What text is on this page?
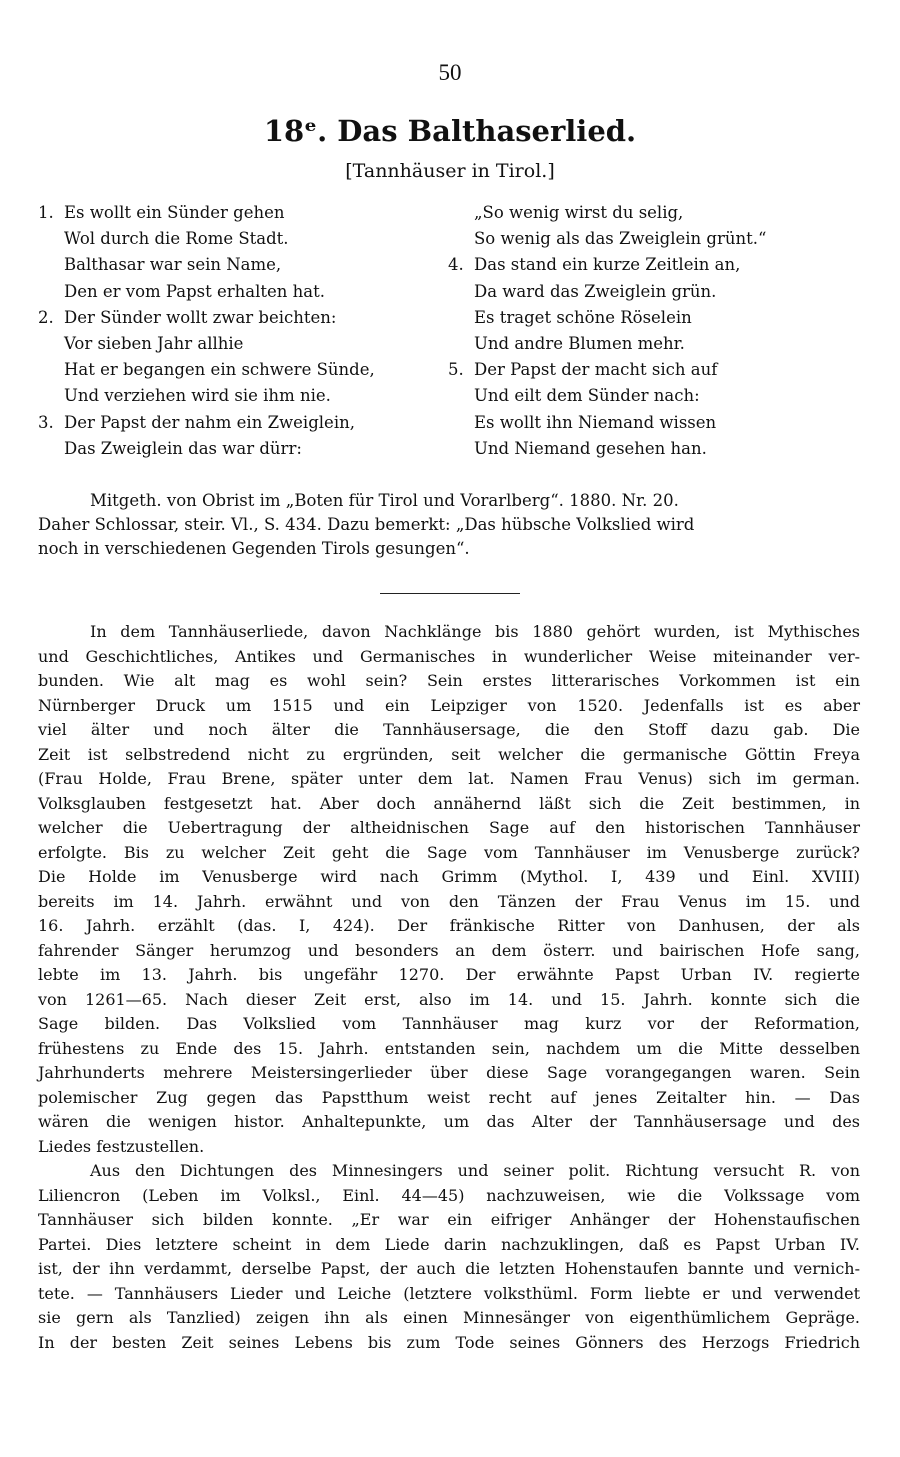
50
18ᵉ. Das Balthaserlied.
[Tannhäuser in Tirol.]
1. Es wollt ein Sünder gehen
Wol durch die Rome Stadt.
Balthasar war sein Name,
Den er vom Papst erhalten hat.
2. Der Sünder wollt zwar beichten:
Vor sieben Jahr allhie
Hat er begangen ein schwere Sünde,
Und verziehen wird sie ihm nie.
3. Der Papst der nahm ein Zweiglein,
Das Zweiglein das war dürr:
„So wenig wirst du selig,
So wenig als das Zweiglein grünt.“
4. Das stand ein kurze Zeitlein an,
Da ward das Zweiglein grün.
Es traget schöne Röselein
Und andre Blumen mehr.
5. Der Papst der macht sich auf
Und eilt dem Sünder nach:
Es wollt ihn Niemand wissen
Und Niemand gesehen han.
Mitgeth. von Obrist im „Boten für Tirol und Vorarlberg“. 1880. Nr. 20.
Daher Schlossar, steir. Vl., S. 434. Dazu bemerkt: „Das hübsche Volkslied wird
noch in verschiedenen Gegenden Tirols gesungen“.
In dem Tannhäuserliede, davon Nachklänge bis 1880 gehört wurden, ist Mythisches
und Geschichtliches, Antikes und Germanisches in wunderlicher Weise miteinander ver-
bunden. Wie alt mag es wohl sein? Sein erstes litterarisches Vorkommen ist ein
Nürnberger Druck um 1515 und ein Leipziger von 1520. Jedenfalls ist es aber
viel älter und noch älter die Tannhäusersage, die den Stoff dazu gab. Die
Zeit ist selbstredend nicht zu ergründen, seit welcher die germanische Göttin Freya
(Frau Holde, Frau Brene, später unter dem lat. Namen Frau Venus) sich im german.
Volksglauben festgesetzt hat. Aber doch annähernd läßt sich die Zeit bestimmen, in
welcher die Uebertragung der altheidnischen Sage auf den historischen Tannhäuser
erfolgte. Bis zu welcher Zeit geht die Sage vom Tannhäuser im Venusberge zurück?
Die Holde im Venusberge wird nach Grimm (Mythol. I, 439 und Einl. XVIII)
bereits im 14. Jahrh. erwähnt und von den Tänzen der Frau Venus im 15. und
16. Jahrh. erzählt (das. I, 424). Der fränkische Ritter von Danhusen, der als
fahrender Sänger herumzog und besonders an dem österr. und bairischen Hofe sang,
lebte im 13. Jahrh. bis ungefähr 1270. Der erwähnte Papst Urban IV. regierte
von 1261—65. Nach dieser Zeit erst, also im 14. und 15. Jahrh. konnte sich die
Sage bilden. Das Volkslied vom Tannhäuser mag kurz vor der Reformation,
frühestens zu Ende des 15. Jahrh. entstanden sein, nachdem um die Mitte desselben
Jahrhunderts mehrere Meistersingerlieder über diese Sage vorangegangen waren. Sein
polemischer Zug gegen das Papstthum weist recht auf jenes Zeitalter hin. — Das
wären die wenigen histor. Anhaltepunkte, um das Alter der Tannhäusersage und des
Liedes festzustellen.
Aus den Dichtungen des Minnesingers und seiner polit. Richtung versucht R. von
Liliencron (Leben im Volksl., Einl. 44—45) nachzuweisen, wie die Volkssage vom
Tannhäuser sich bilden konnte. „Er war ein eifriger Anhänger der Hohenstaufischen
Partei. Dies letztere scheint in dem Liede darin nachzuklingen, daß es Papst Urban IV.
ist, der ihn verdammt, derselbe Papst, der auch die letzten Hohenstaufen bannte und vernich-
tete. — Tannhäusers Lieder und Leiche (letztere volksthüml. Form liebte er und verwendet
sie gern als Tanzlied) zeigen ihn als einen Minnesänger von eigenthümlichem Gepräge.
In der besten Zeit seines Lebens bis zum Tode seines Gönners des Herzogs Friedrich
